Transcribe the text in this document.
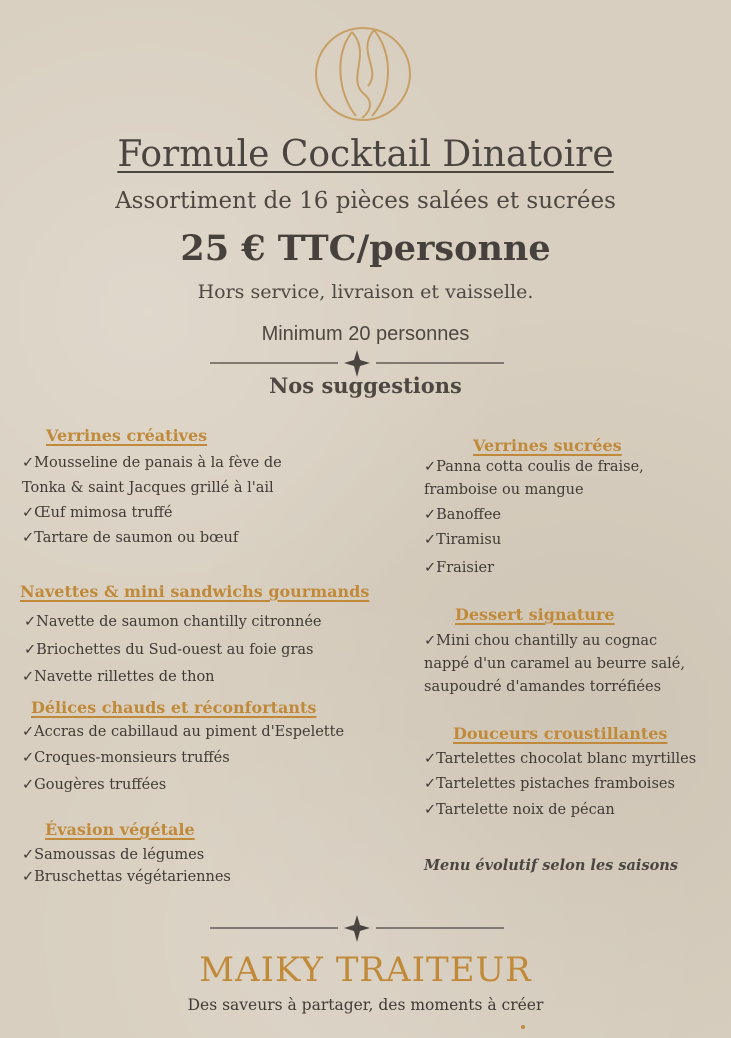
Formule Cocktail Dinatoire
Assortiment de 16 pièces salées et sucrées
25 € TTC/personne
Hors service, livraison et vaisselle.
Minimum 20 personnes
Nos suggestions
Verrines créatives
✓Mousseline de panais à la fève de
Tonka & saint Jacques grillé à l'ail
✓Œuf mimosa truffé
✓Tartare de saumon ou bœuf
Navettes & mini sandwichs gourmands
✓Navette de saumon chantilly citronnée
✓Briochettes du Sud-ouest au foie gras
✓Navette rillettes de thon
Délices chauds et réconfortants
✓Accras de cabillaud au piment d'Espelette
✓Croques-monsieurs truffés
✓Gougères truffées
Évasion végétale
✓Samoussas de légumes
✓Bruschettas végétariennes
Verrines sucrées
✓Panna cotta coulis de fraise,
framboise ou mangue
✓Banoffee
✓Tiramisu
✓Fraisier
Dessert signature
✓Mini chou chantilly au cognac
nappé d'un caramel au beurre salé,
saupoudré d'amandes torréfiées
Douceurs croustillantes
✓Tartelettes chocolat blanc myrtilles
✓Tartelettes pistaches framboises
✓Tartelette noix de pécan
Menu évolutif selon les saisons
MAIKY TRAITEUR
Des saveurs à partager, des moments à créer
